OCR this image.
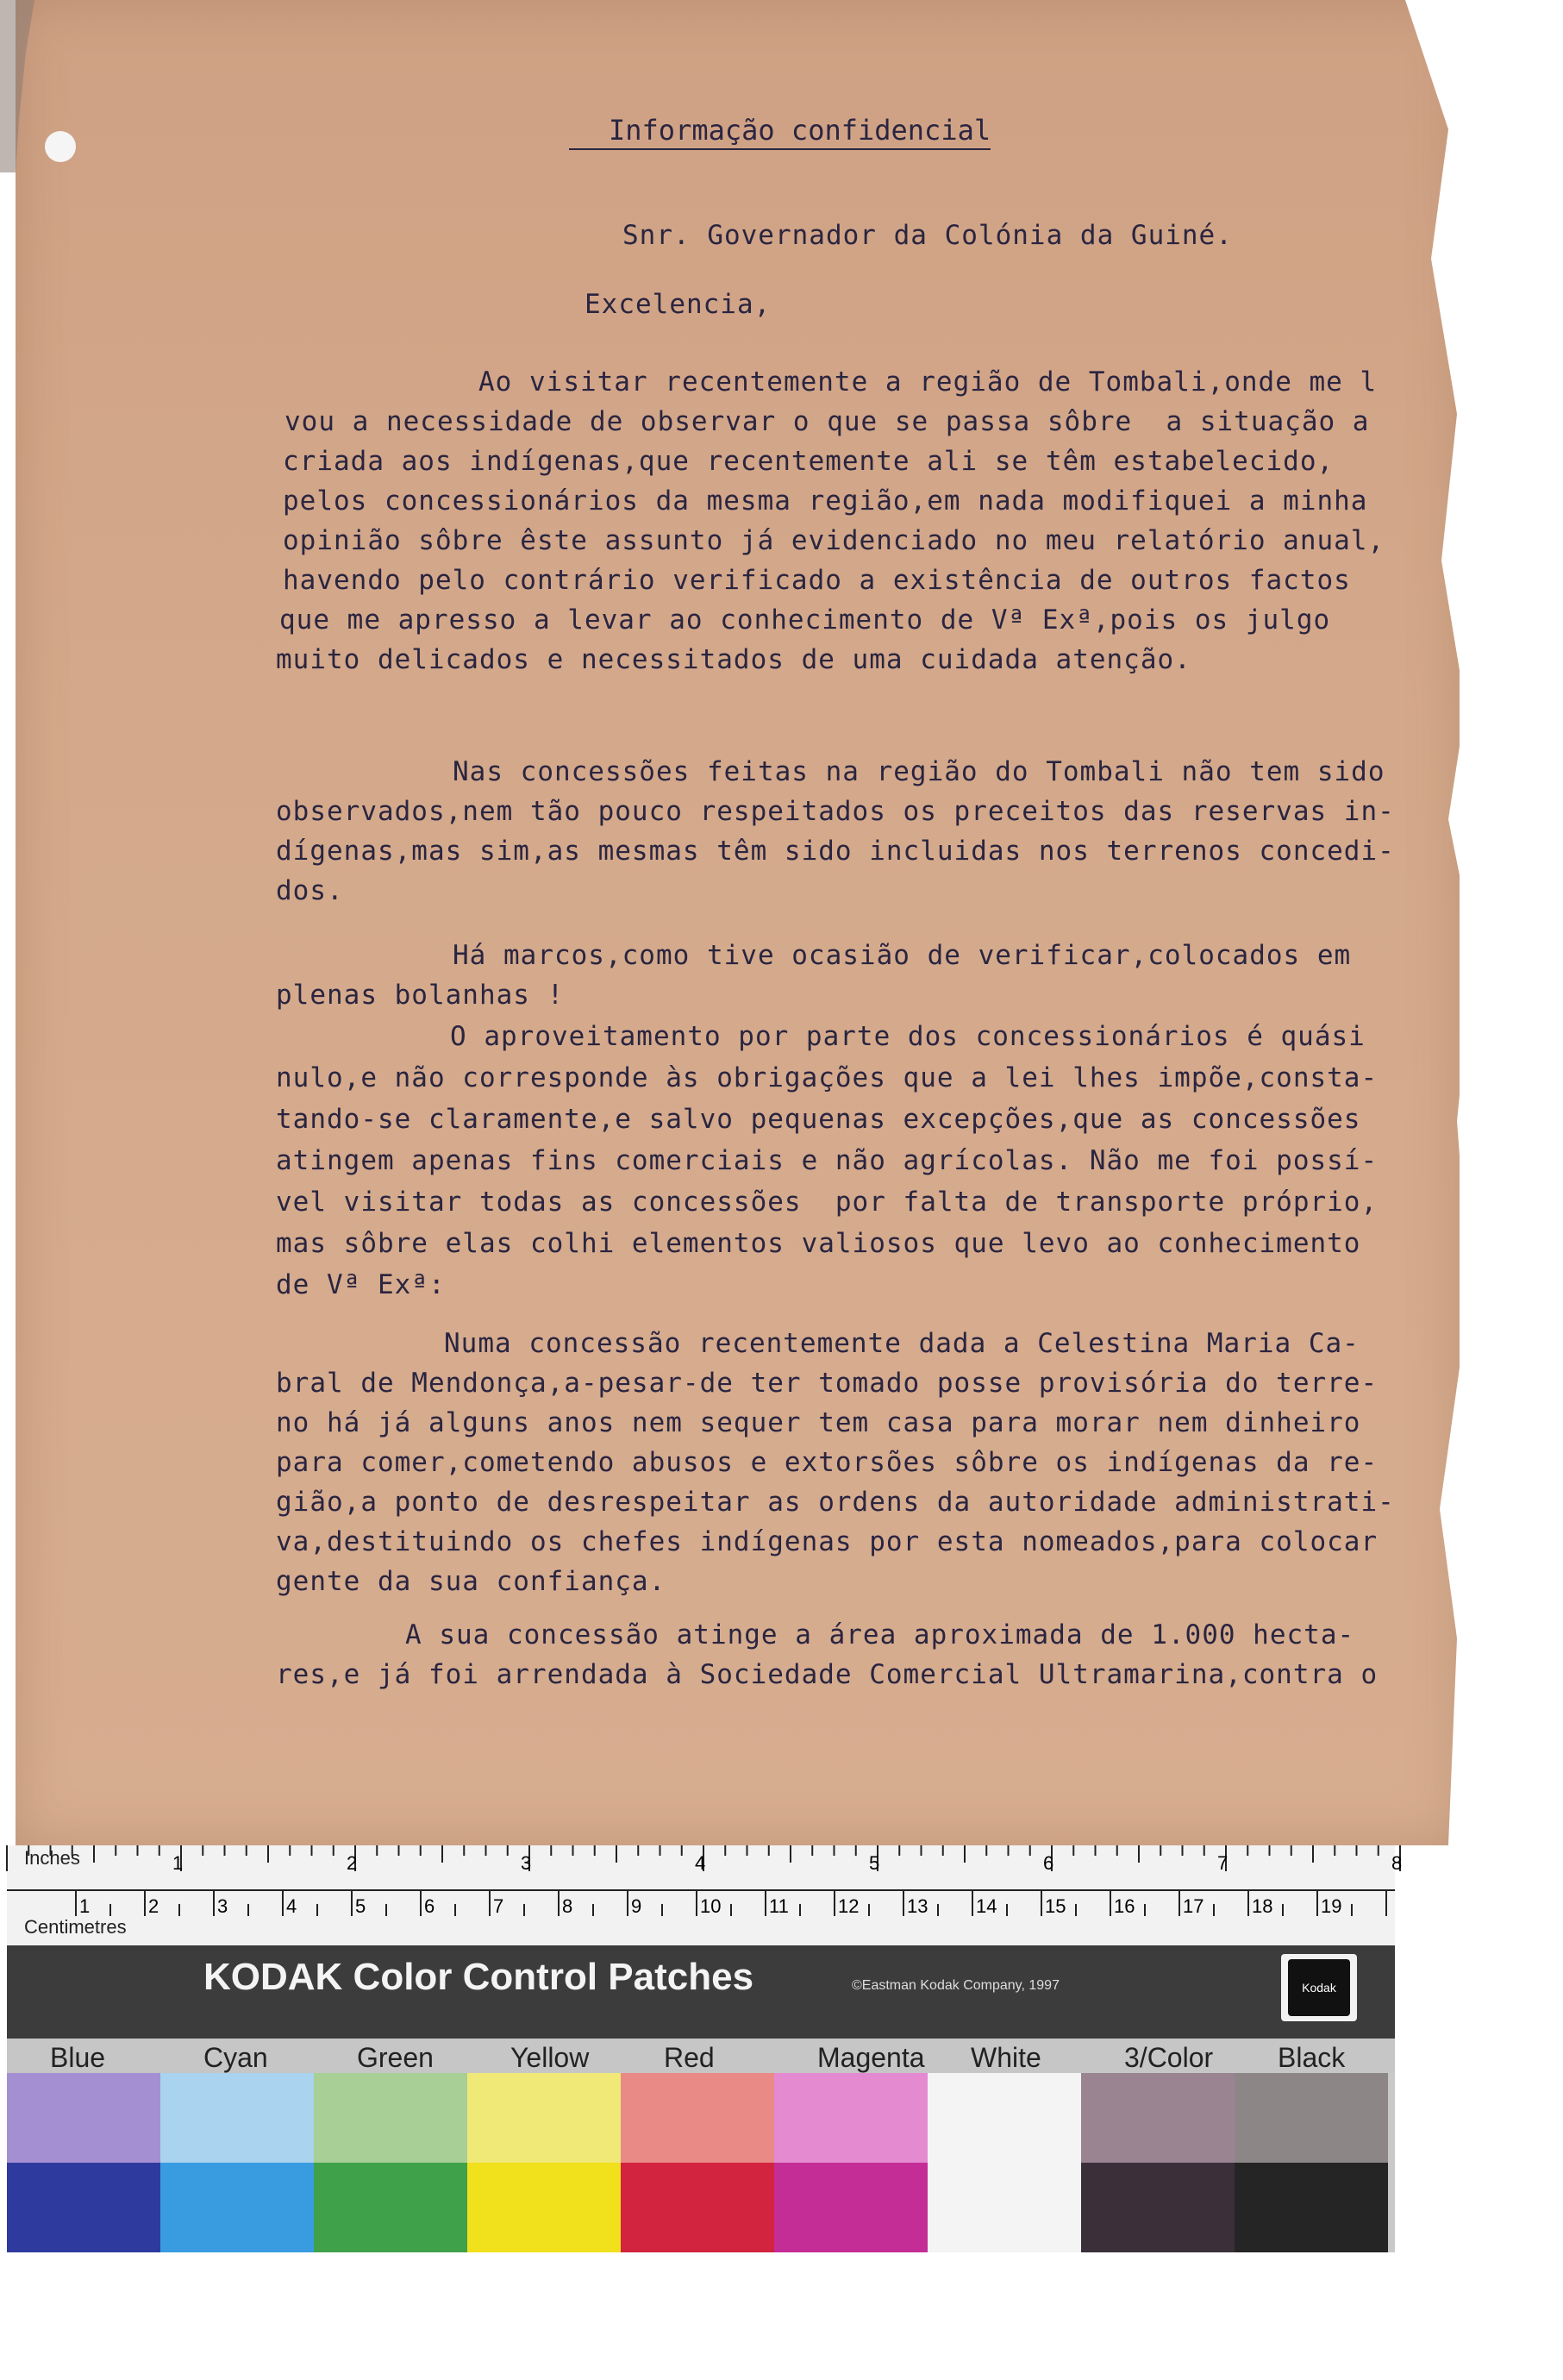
Informação confidencial
Snr. Governador da Colónia da Guiné.
Excelencia,
Ao visitar recentemente a região de Tombali,onde me l
vou a necessidade de observar o que se passa sôbre  a situação a
criada aos indígenas,que recentemente ali se têm estabelecido,
pelos concessionários da mesma região,em nada modifiquei a minha
opinião sôbre êste assunto já evidenciado no meu relatório anual,
havendo pelo contrário verificado a existência de outros factos
que me apresso a levar ao conhecimento de Vª Exª,pois os julgo
muito delicados e necessitados de uma cuidada atenção.
Nas concessões feitas na região do Tombali não tem sido
observados,nem tão pouco respeitados os preceitos das reservas in-
dígenas,mas sim,as mesmas têm sido incluidas nos terrenos concedi-
dos.
Há marcos,como tive ocasião de verificar,colocados em
plenas bolanhas !
O aproveitamento por parte dos concessionários é quási
nulo,e não corresponde às obrigações que a lei lhes impõe,consta-
tando-se claramente,e salvo pequenas excepções,que as concessões
atingem apenas fins comerciais e não agrícolas. Não me foi possí-
vel visitar todas as concessões  por falta de transporte próprio,
mas sôbre elas colhi elementos valiosos que levo ao conhecimento
de Vª Exª:
Numa concessão recentemente dada a Celestina Maria Ca-
bral de Mendonça,a-pesar-de ter tomado posse provisória do terre-
no há já alguns anos nem sequer tem casa para morar nem dinheiro
para comer,cometendo abusos e extorsões sôbre os indígenas da re-
gião,a ponto de desrespeitar as ordens da autoridade administrati-
va,destituindo os chefes indígenas por esta nomeados,para colocar
gente da sua confiança.
A sua concessão atinge a área aproximada de 1.000 hecta-
res,e já foi arrendada à Sociedade Comercial Ultramarina,contra o
Inches
Centimetres
1	2	3	4	5	6	7	8
1	2	3	4	5	6	7	8	9	10	11	12	13	14	15	16	17	18	19
KODAK Color Control Patches	©Eastman Kodak Company, 1997	Kodak
Blue	Cyan	Green	Yellow	Red	Magenta White	3/Color Black
